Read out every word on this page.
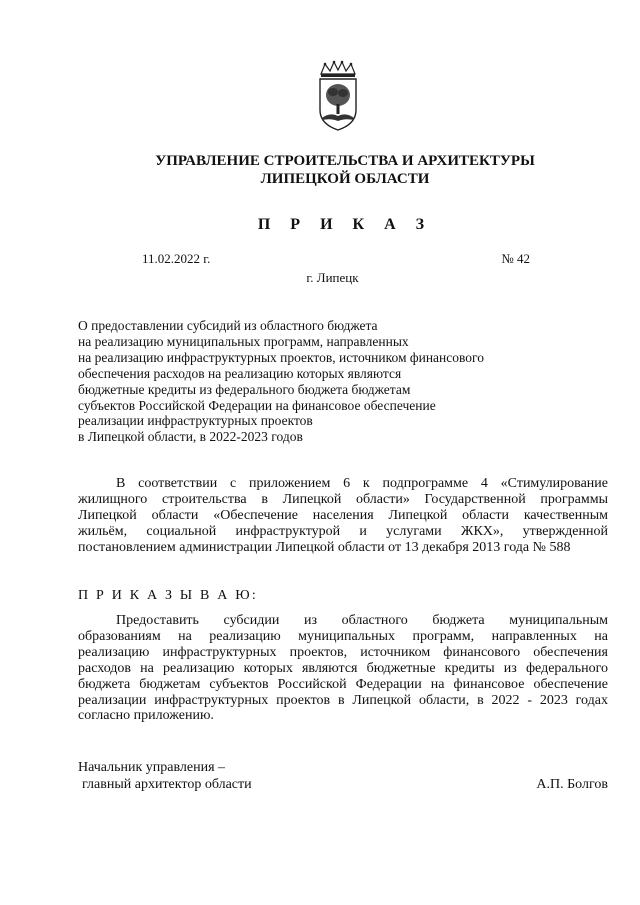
УПРАВЛЕНИЕ СТРОИТЕЛЬСТВА И АРХИТЕКТУРЫ
ЛИПЕЦКОЙ ОБЛАСТИ
П Р И К А З
11.02.2022 г.	№ 42
г. Липецк
О предоставлении субсидий из областного бюджета
на реализацию муниципальных программ, направленных
на реализацию инфраструктурных проектов, источником финансового
обеспечения расходов на реализацию которых являются
бюджетные кредиты из федерального бюджета бюджетам
субъектов Российской Федерации на финансовое обеспечение
реализации инфраструктурных проектов
в Липецкой области, в 2022-2023 годов
В соответствии с приложением 6 к подпрограмме 4 «Стимулирование
жилищного строительства в Липецкой области» Государственной программы
Липецкой области «Обеспечение населения Липецкой области качественным
жильём, социальной инфраструктурой и услугами ЖКХ», утвержденной
постановлением администрации Липецкой области от 13 декабря 2013 года № 588
П Р И К А З Ы В А Ю:
Предоставить субсидии из областного бюджета муниципальным
образованиям на реализацию муниципальных программ, направленных на
реализацию инфраструктурных проектов, источником финансового обеспечения
расходов на реализацию которых являются бюджетные кредиты из федерального
бюджета бюджетам субъектов Российской Федерации на финансовое обеспечение
реализации инфраструктурных проектов в Липецкой области, в 2022 - 2023 годах
согласно приложению.
Начальник управления –
главный архитектор области	А.П. Болгов
